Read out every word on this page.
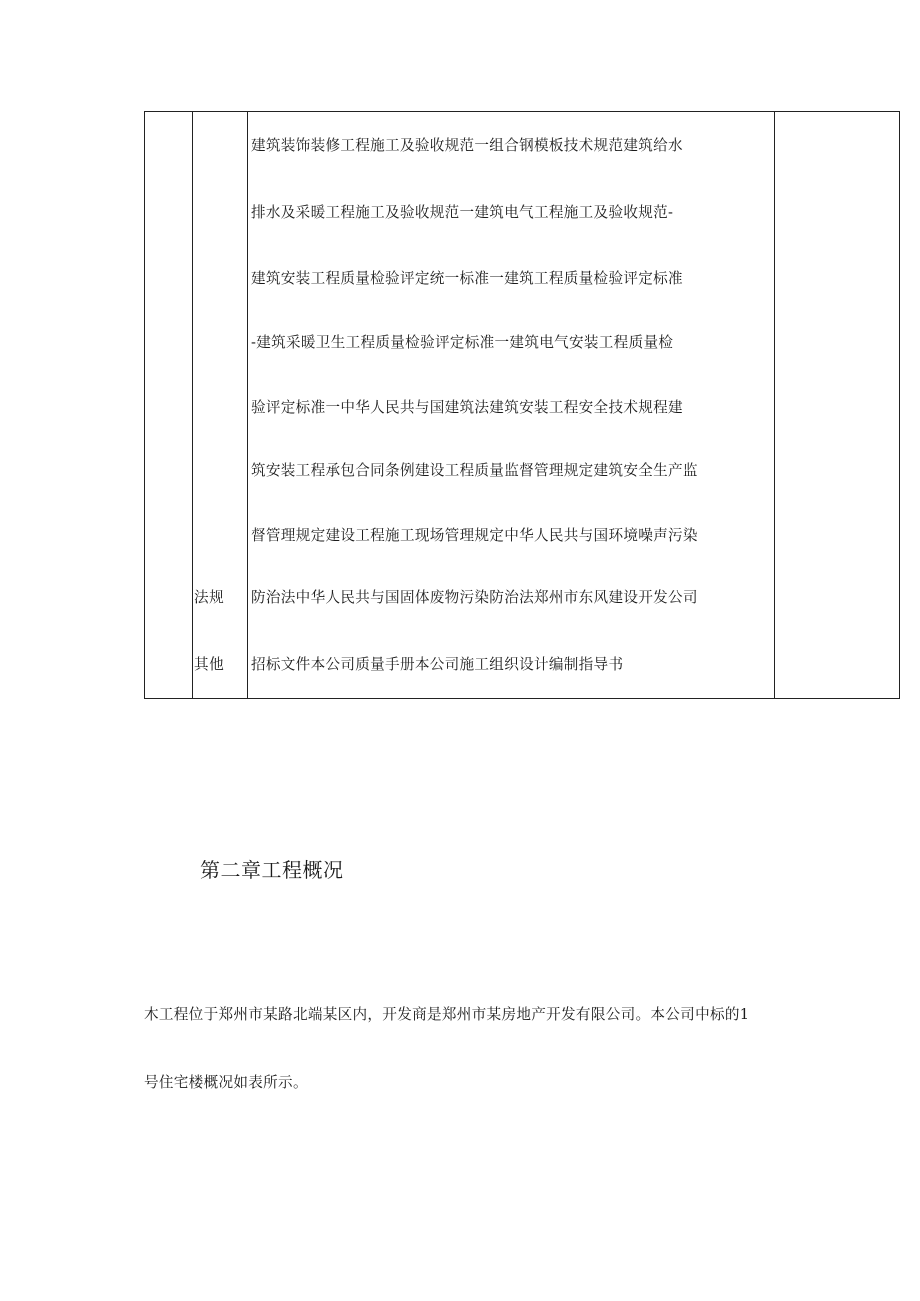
法规
其他
建筑装饰装修工程施工及验收规范一组合钢模板技术规范建筑给水
排水及采暖工程施工及验收规范一建筑电气工程施工及验收规范-
建筑安装工程质量检验评定统一标准一建筑工程质量检验评定标准
-建筑采暖卫生工程质量检验评定标准一建筑电气安装工程质量检
验评定标准一中华人民共与国建筑法建筑安装工程安全技术规程建
筑安装工程承包合同条例建设工程质量监督管理规定建筑安全生产监
督管理规定建设工程施工现场管理规定中华人民共与国环境噪声污染
防治法中华人民共与国固体废物污染防治法郑州市东风建设开发公司
招标文件本公司质量手册本公司施工组织设计编制指导书
第二章工程概况
木工程位于郑州市某路北端某区内，开发商是郑州市某房地产开发有限公司。本公司中标的1
号住宅楼概况如表所示。
